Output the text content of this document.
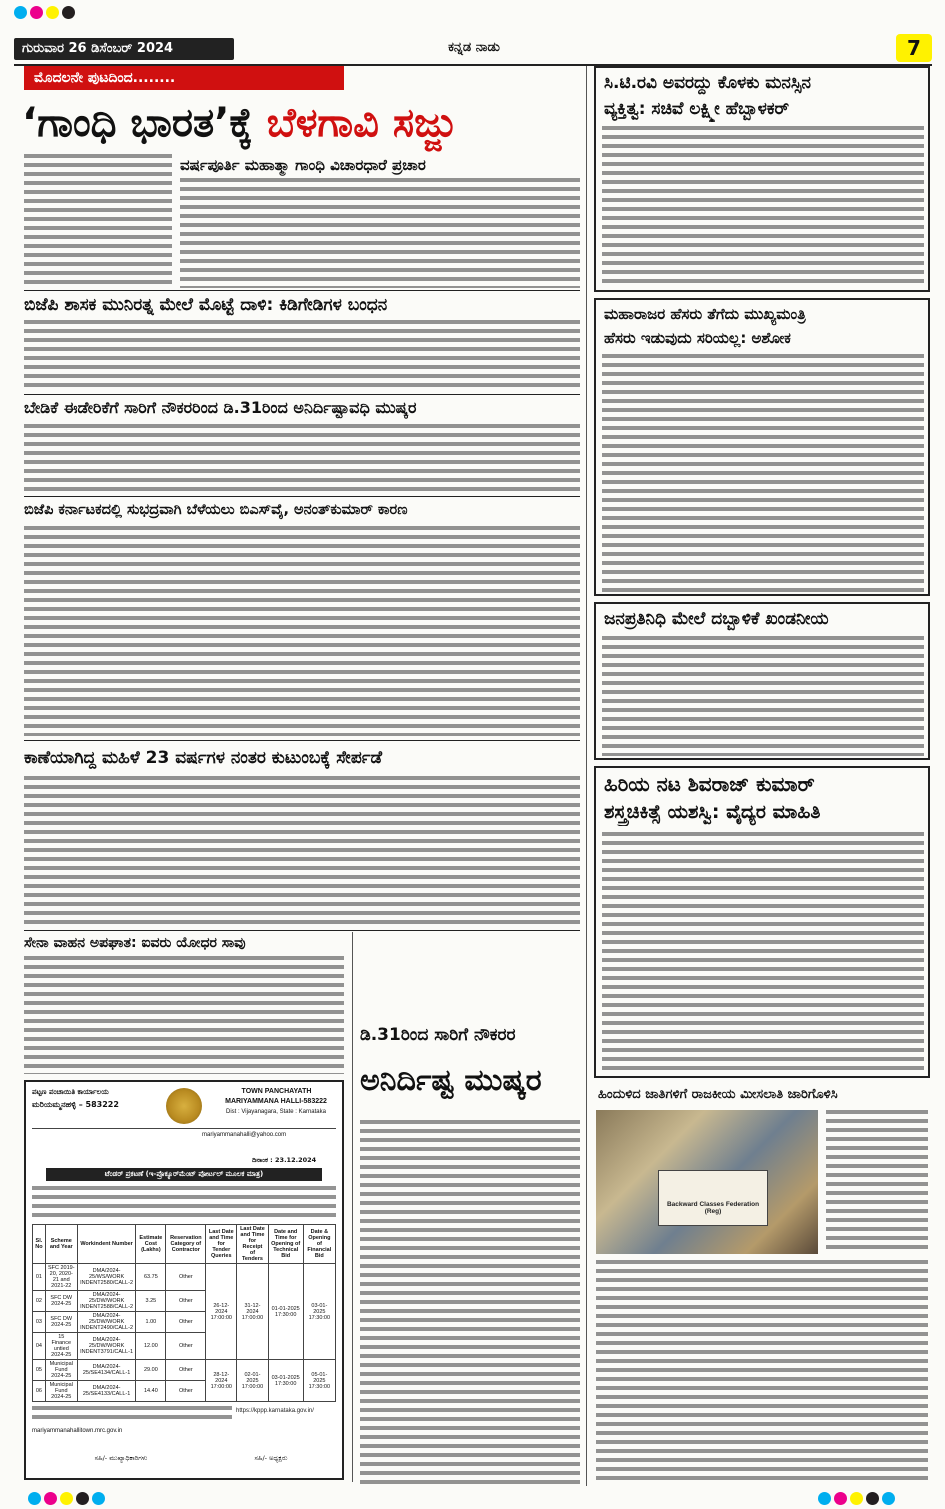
ಗುರುವಾರ 26 ಡಿಸೆಂಬರ್ 2024	ಕನ್ನಡ ನಾಡು	7
ಮೊದಲನೇ ಪುಟದಿಂದ........
‘ಗಾಂಧಿ ಭಾರತ’ಕ್ಕೆ ಬೆಳಗಾವಿ ಸಜ್ಜು
ವರ್ಷಪೂರ್ತಿ ಮಹಾತ್ಮಾ ಗಾಂಧಿ ವಿಚಾರಧಾರೆ ಪ್ರಚಾರ
ಬಿಜೆಪಿ ಶಾಸಕ ಮುನಿರತ್ನ ಮೇಲೆ ಮೊಟ್ಟೆ ದಾಳಿ: ಕಿಡಿಗೇಡಿಗಳ ಬಂಧನ
ಬೇಡಿಕೆ ಈಡೇರಿಕೆಗೆ ಸಾರಿಗೆ ನೌಕರರಿಂದ ಡಿ.31ರಿಂದ ಅನಿರ್ದಿಷ್ಟಾವಧಿ ಮುಷ್ಕರ
ಬಿಜೆಪಿ ಕರ್ನಾಟಕದಲ್ಲಿ ಸುಭದ್ರವಾಗಿ ಬೆಳೆಯಲು ಬಿಎಸ್‌ವೈ, ಅನಂತ್‌ಕುಮಾರ್ ಕಾರಣ
ಕಾಣೆಯಾಗಿದ್ದ ಮಹಿಳೆ 23 ವರ್ಷಗಳ ನಂತರ ಕುಟುಂಬಕ್ಕೆ ಸೇರ್ಪಡೆ
ಸೇನಾ ವಾಹನ ಅಪಘಾತ: ಐವರು ಯೋಧರ ಸಾವು
ಪಟ್ಟಣ ಪಂಚಾಯಿತಿ ಕಾರ್ಯಾಲಯ
ಮರಿಯಮ್ಮನಹಳ್ಳಿ – 583222
TOWN PANCHAYATH
MARIYAMMANA HALLI-583222
Dist : Vijayanagara, State : Karnataka
mariyammanahalli@yahoo.com
ದಿನಾಂಕ : 23.12.2024
ಟೆಂಡರ್ ಪ್ರಕಟಣೆ (ಇ-ಪ್ರೊಕ್ಯೂರ್‌ಮೆಂಟ್ ಪೋರ್ಟಲ್ ಮೂಲಕ ಮಾತ್ರ)
Sl. No	Scheme and Year	Workindent Number	Estimate Cost (Lakhs)	Reservation Category of Contractor	Last Date and Time for Tender Queries	Last Date and Time for Receipt of Tenders	Date and Time for Opening of Technical Bid	Date & Opening of Financial Bid
01	SFC 2019-20, 2020-21 and 2021-22	DMA/2024-25/WS/WORK INDENT2580/CALL-2	63.75	Other	26-12-2024 17:00:00	31-12-2024 17:00:00	01-01-2025 17:30:00	03-01-2025 17:30:00
02	SFC DW 2024-25	DMA/2024-25/DW/WORK INDENT2588/CALL-2	3.25	Other				
03	SFC DW 2024-25	DMA/2024-25/DW/WORK INDENT2490/CALL-2	1.00	Other				
04	15 Finance untied 2024-25	DMA/2024-25/DW/WORK INDENT3791/CALL-1	12.00	Other				
05	Municipal Fund 2024-25	DMA/2024-25/SE4134/CALL-1	29.00	Other	28-12-2024 17:00:00	02-01-2025 17:00:00	03-01-2025 17:30:00	05-01-2025 17:30:00
06	Municipal Fund 2024-25	DMA/2024-25/SE4133/CALL-1	14.40	Other				
https://kppp.karnataka.gov.in/
mariyammanahallitown.mrc.gov.in
ಸಹಿ/- ಮುಖ್ಯಾಧಿಕಾರಿಗಳು	ಸಹಿ/- ಅಧ್ಯಕ್ಷರು
ಡಿ.31ರಿಂದ ಸಾರಿಗೆ ನೌಕರರ
ಅನಿರ್ದಿಷ್ಟ ಮುಷ್ಕರ
ಸಿ.ಟಿ.ರವಿ ಅವರದ್ದು ಕೊಳಕು ಮನಸ್ಸಿನ
ವ್ಯಕ್ತಿತ್ವ: ಸಚಿವೆ ಲಕ್ಷ್ಮೀ ಹೆಬ್ಬಾಳಕರ್
ಮಹಾರಾಜರ ಹೆಸರು ತೆಗೆದು ಮುಖ್ಯಮಂತ್ರಿ
ಹೆಸರು ಇಡುವುದು ಸರಿಯಲ್ಲ: ಅಶೋಕ
ಜನಪ್ರತಿನಿಧಿ ಮೇಲೆ ದಬ್ಬಾಳಿಕೆ ಖಂಡನೀಯ
ಹಿರಿಯ ನಟ ಶಿವರಾಜ್ ಕುಮಾರ್
ಶಸ್ತ್ರಚಿಕಿತ್ಸೆ ಯಶಸ್ವಿ: ವೈದ್ಯರ ಮಾಹಿತಿ
ಹಿಂದುಳಿದ ಜಾತಿಗಳಿಗೆ ರಾಜಕೀಯ ಮೀಸಲಾತಿ ಜಾರಿಗೊಳಿಸಿ
Backward Classes Federation (Reg)
